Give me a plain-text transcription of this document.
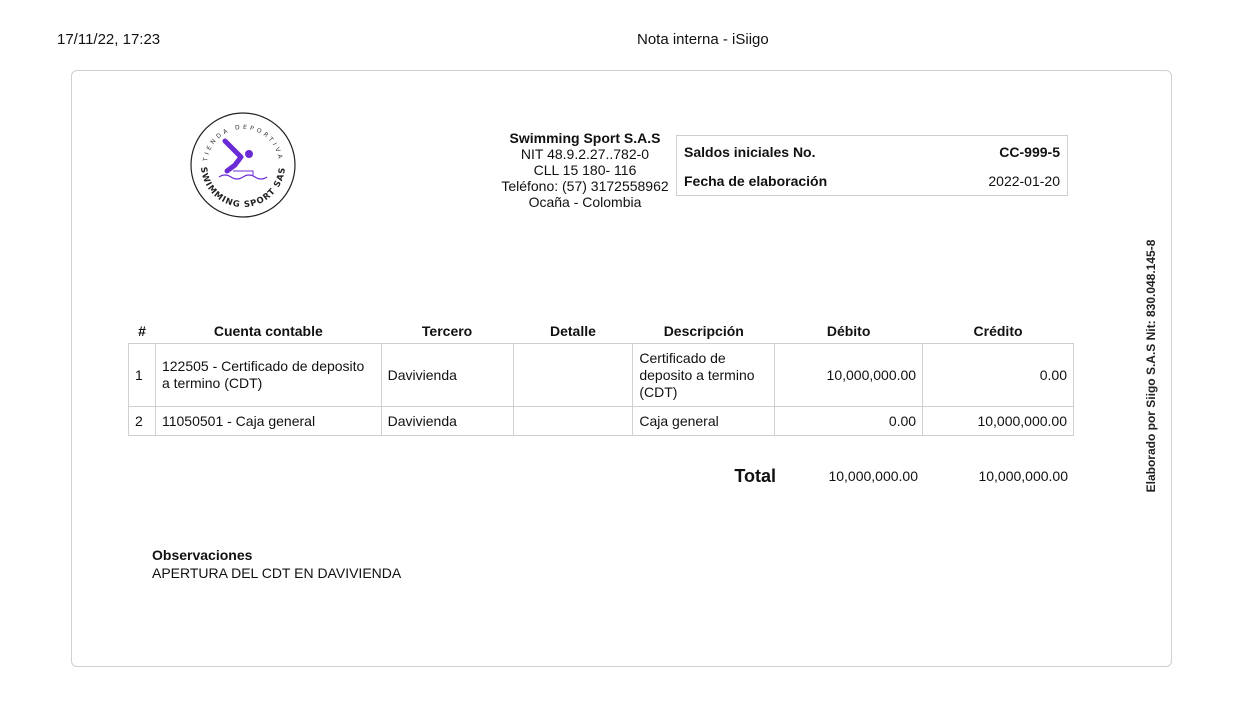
17/11/22, 17:23	Nota interna - iSiigo
TIENDA DEPORTIVA
SWIMMING SPORT SAS
Swimming Sport S.A.S
NIT 48.9.2.27..782-0
CLL 15 180- 116
Teléfono: (57) 3172558962
Ocaña - Colombia
Saldos iniciales No.	CC-999-5
Fecha de elaboración	2022-01-20
#	Cuenta contable	Tercero	Detalle	Descripción	Débito	Crédito
1	122505 - Certificado de deposito a termino (CDT)	Davivienda		Certificado de deposito a termino (CDT)	10,000,000.00	0.00
2	11050501 - Caja general	Davivienda		Caja general	0.00	10,000,000.00
Total	10,000,000.00	10,000,000.00
Observaciones
APERTURA DEL CDT EN DAVIVIENDA
Elaborado por Siigo S.A.S Nit: 830.048.145-8
